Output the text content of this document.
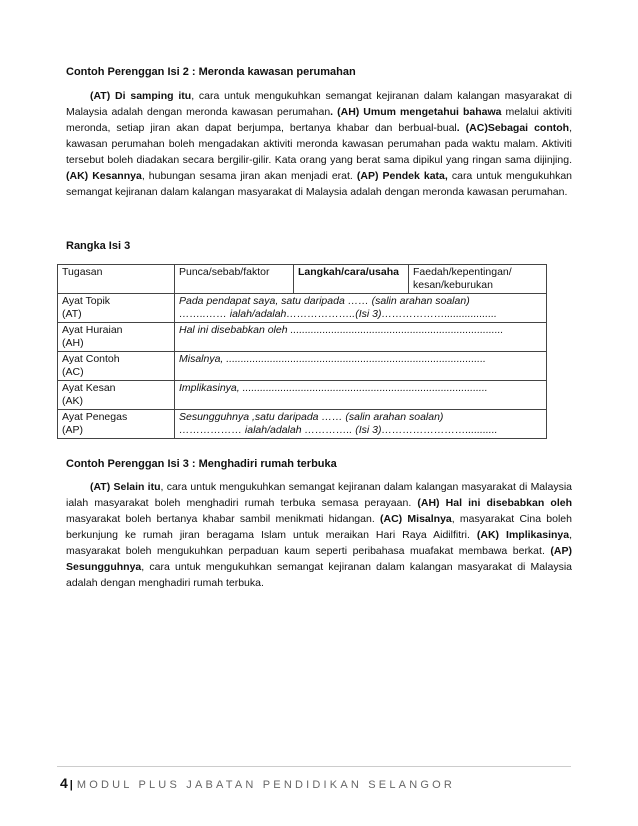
Contoh Perenggan Isi 2 : Meronda kawasan perumahan

(AT) Di samping itu, cara untuk mengukuhkan semangat kejiranan dalam kalangan masyarakat di Malaysia adalah dengan meronda kawasan perumahan. (AH) Umum mengetahui bahawa melalui aktiviti meronda, setiap jiran akan dapat berjumpa, bertanya khabar dan berbual-bual. (AC)Sebagai contoh, kawasan perumahan boleh mengadakan aktiviti meronda kawasan perumahan pada waktu malam. Aktiviti tersebut boleh diadakan secara bergilir-gilir. Kata orang yang berat sama dipikul yang ringan sama dijinjing. (AK) Kesannya, hubungan sesama jiran akan menjadi erat. (AP) Pendek kata, cara untuk mengukuhkan semangat kejiranan dalam kalangan masyarakat di Malaysia adalah dengan meronda kawasan perumahan.

Rangka Isi 3
Tugasan	Punca/sebab/faktor	Langkah/cara/usaha	Faedah/kepentingan/ kesan/keburukan

Ayat Topik
(AT)	Pada pendapat saya, satu daripada …… (salin arahan soalan)
……..…… ialah/adalah………………..(Isi 3)………………..................		

Ayat Huraian
(AH)	Hal ini disebabkan oleh .........................................................................		

Ayat Contoh
(AC)	Misalnya, .........................................................................................		

Ayat Kesan
(AK)	Implikasinya, ....................................................................................		

Ayat Penegas
(AP)	Sesungguhnya ,satu daripada …… (salin arahan soalan)
……………… ialah/adalah ………….. (Isi 3)……………………...........		
Contoh Perenggan Isi 3 : Menghadiri rumah terbuka

(AT) Selain itu, cara untuk mengukuhkan semangat kejiranan dalam kalangan masyarakat di Malaysia ialah masyarakat boleh menghadiri rumah terbuka semasa perayaan. (AH) Hal ini disebabkan oleh masyarakat boleh bertanya khabar sambil menikmati hidangan. (AC) Misalnya, masyarakat Cina boleh berkunjung ke rumah jiran beragama Islam untuk meraikan Hari Raya Aidilfitri. (AK) Implikasinya, masyarakat boleh mengukuhkan perpaduan kaum seperti peribahasa muafakat membawa berkat. (AP) Sesungguhnya, cara untuk mengukuhkan semangat kejiranan dalam kalangan masyarakat di Malaysia adalah dengan menghadiri rumah terbuka.

4 | MODUL PLUS JABATAN PENDIDIKAN SELANGOR
